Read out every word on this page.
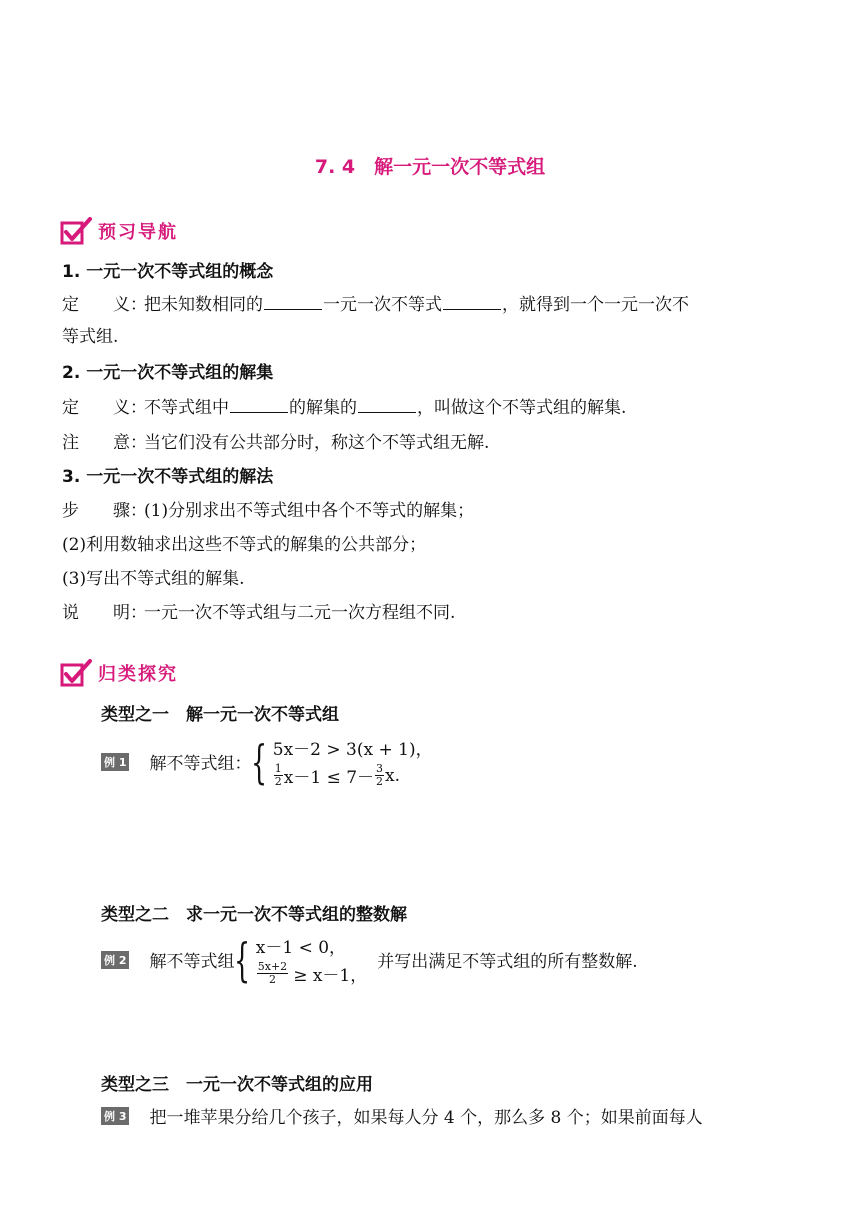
7. 4　解一元一次不等式组
预习导航
1. 一元一次不等式组的概念
定　　义：把未知数相同的	一元一次不等式	，就得到一个一元一次不
等式组.
2. 一元一次不等式组的解集
定　　义：不等式组中	的解集的	，叫做这个不等式组的解集.
注　　意：当它们没有公共部分时，称这个不等式组无解.
3. 一元一次不等式组的解法
步　　骤：(1)分别求出不等式组中各个不等式的解集；
(2)利用数轴求出这些不等式的解集的公共部分；
(3)写出不等式组的解集.
说　　明：一元一次不等式组与二元一次方程组不同.
归类探究
类型之一　解一元一次不等式组
例 1 解不等式组： { 5x－2 > 3(x + 1)，
$\frac{1}{2} x-1 \le 7- \frac{3}{2} x$.
类型之二　求一元一次不等式组的整数解
例 2 解不等式组 { x－1 < 0，
$\frac{5x+2}{2} \ge x-1$，
并写出满足不等式组的所有整数解.
类型之三　一元一次不等式组的应用
例 3 把一堆苹果分给几个孩子，如果每人分 4 个，那么多 8 个；如果前面每人
